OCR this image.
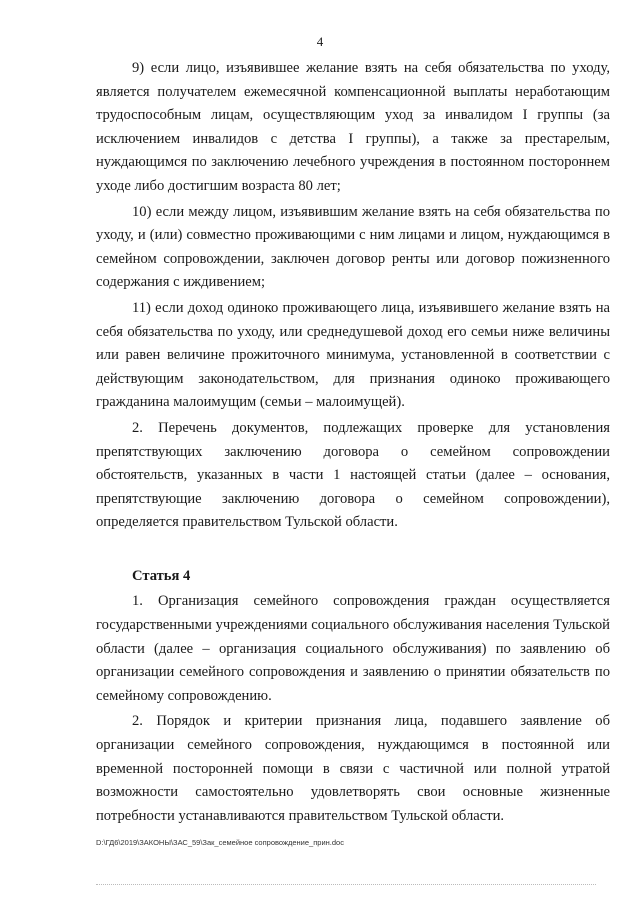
4

9) если лицо, изъявившее желание взять на себя обязательства по уходу, является получателем ежемесячной компенсационной выплаты неработающим трудоспособным лицам, осуществляющим уход за инвалидом I группы (за исключением инвалидов с детства I группы), а также за престарелым, нуждающимся по заключению лечебного учреждения в постоянном постороннем уходе либо достигшим возраста 80 лет;

10) если между лицом, изъявившим желание взять на себя обязательства по уходу, и (или) совместно проживающими с ним лицами и лицом, нуждающимся в семейном сопровождении, заключен договор ренты или договор пожизненного содержания с иждивением;

11) если доход одиноко проживающего лица, изъявившего желание взять на себя обязательства по уходу, или среднедушевой доход его семьи ниже величины или равен величине прожиточного минимума, установленной в соответствии с действующим законодательством, для признания одиноко проживающего гражданина малоимущим (семьи – малоимущей).

2. Перечень документов, подлежащих проверке для установления препятствующих заключению договора о семейном сопровождении обстоятельств, указанных в части 1 настоящей статьи (далее – основания, препятствующие заключению договора о семейном сопровождении), определяется правительством Тульской области.

Статья 4

1. Организация семейного сопровождения граждан осуществляется государственными учреждениями социального обслуживания населения Тульской области (далее – организация социального обслуживания) по заявлению об организации семейного сопровождения и заявлению о принятии обязательств по семейному сопровождению.

2. Порядок и критерии признания лица, подавшего заявление об организации семейного сопровождения, нуждающимся в постоянной или временной посторонней помощи в связи с частичной или полной утратой возможности самостоятельно удовлетворять свои основные жизненные потребности устанавливаются правительством Тульской области.

D:\ГД6\2019\ЗАКОНЫ\ЗАС_59\Зак_семейное сопровождение_прин.doc
